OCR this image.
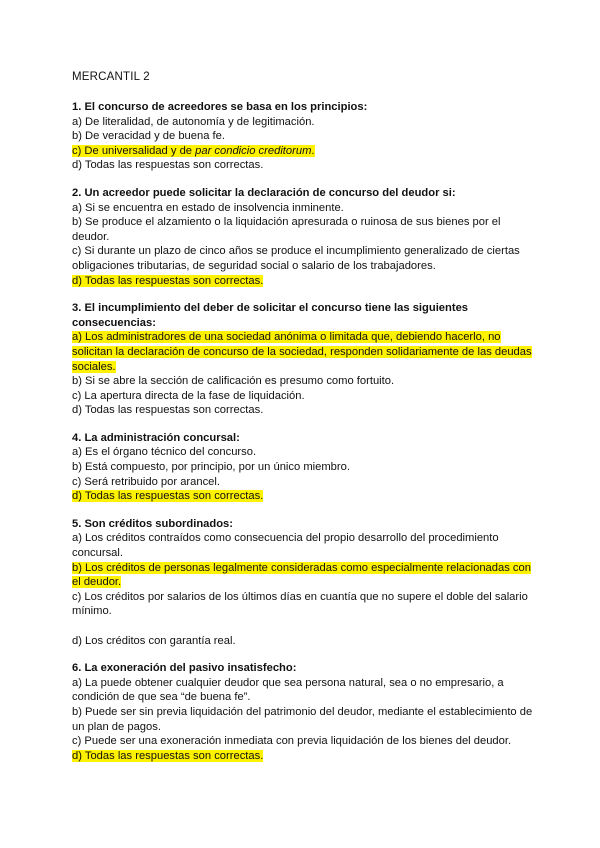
MERCANTIL 2
1. El concurso de acreedores se basa en los principios:
a) De literalidad, de autonomía y de legitimación.
b) De veracidad y de buena fe.
c) De universalidad y de par condicio creditorum.
d) Todas las respuestas son correctas.
2. Un acreedor puede solicitar la declaración de concurso del deudor si:
a) Si se encuentra en estado de insolvencia inminente.
b) Se produce el alzamiento o la liquidación apresurada o ruinosa de sus bienes por el deudor.
c) Si durante un plazo de cinco años se produce el incumplimiento generalizado de ciertas obligaciones tributarias, de seguridad social o salario de los trabajadores.
d) Todas las respuestas son correctas.
3. El incumplimiento del deber de solicitar el concurso tiene las siguientes consecuencias:
a) Los administradores de una sociedad anónima o limitada que, debiendo hacerlo, no solicitan la declaración de concurso de la sociedad, responden solidariamente de las deudas sociales.
b) Si se abre la sección de calificación es presumo como fortuito.
c) La apertura directa de la fase de liquidación.
d) Todas las respuestas son correctas.
4. La administración concursal:
a) Es el órgano técnico del concurso.
b) Está compuesto, por principio, por un único miembro.
c) Será retribuido por arancel.
d) Todas las respuestas son correctas.
5. Son créditos subordinados:
a) Los créditos contraídos como consecuencia del propio desarrollo del procedimiento concursal.
b) Los créditos de personas legalmente consideradas como especialmente relacionadas con el deudor.
c) Los créditos por salarios de los últimos días en cuantía que no supere el doble del salario mínimo.
d) Los créditos con garantía real.
6. La exoneración del pasivo insatisfecho:
a) La puede obtener cualquier deudor que sea persona natural, sea o no empresario, a condición de que sea “de buena fe”.
b) Puede ser sin previa liquidación del patrimonio del deudor, mediante el establecimiento de un plan de pagos.
c) Puede ser una exoneración inmediata con previa liquidación de los bienes del deudor.
d) Todas las respuestas son correctas.
